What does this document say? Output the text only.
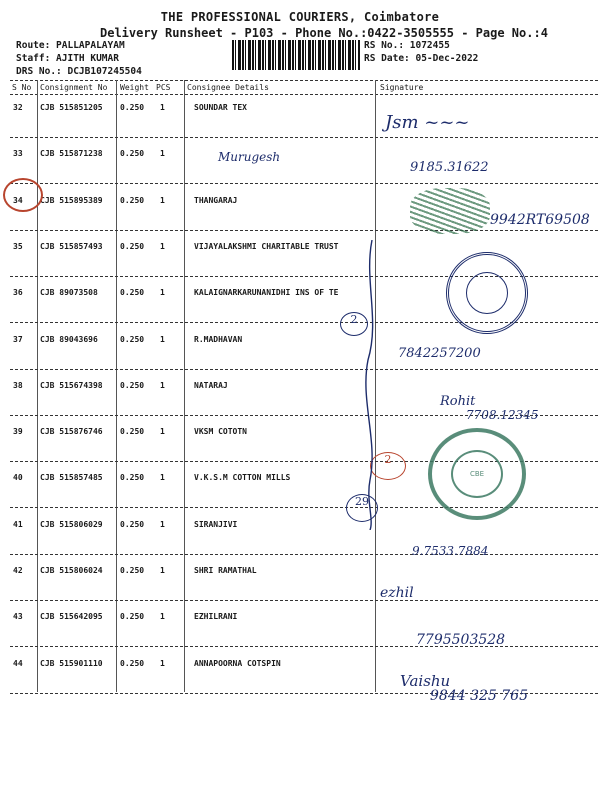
THE PROFESSIONAL COURIERS, Coimbatore
Delivery Runsheet - P103 - Phone No.:0422-3505555 - Page No.:4
Route: PALLAPALAYAM
Staff: AJITH KUMAR
DRS No.: DCJB107245504
RS No.: 1072455
RS Date: 05-Dec-2022
S No Consignment No Weight PCS Consignee Details	Signature
32 CJB 515851205 0.250 1	SOUNDAR TEX
33 CJB 515871238 0.250 1
34 CJB 515895389 0.250 1	THANGARAJ
35 CJB 515857493 0.250 1	VIJAYALAKSHMI CHARITABLE TRUST
36 CJB 89073508	0.250 1	KALAIGNARKARUNANIDHI INS OF TE
37 CJB 89043696	0.250 1	R.MADHAVAN
38 CJB 515674398 0.250 1	NATARAJ
39 CJB 515876746 0.250 1	VKSM COTOTN
40 CJB 515857485 0.250 1	V.K.S.M COTTON MILLS
41 CJB 515806029 0.250 1	SIRANJIVI
42 CJB 515806024 0.250 1	SHRI RAMATHAL
43 CJB 515642095 0.250 1	EZHILRANI
44 CJB 515901110 0.250 1	ANNAPOORNA COTSPIN
Jsm ~~~
Murugesh
9185.31622
9942RT69508
7842257200
Rohit
7708.12345
9.7533.7884
ezhil
7795503528
Vaishu
9844 325 765
2
2
29
CBE
